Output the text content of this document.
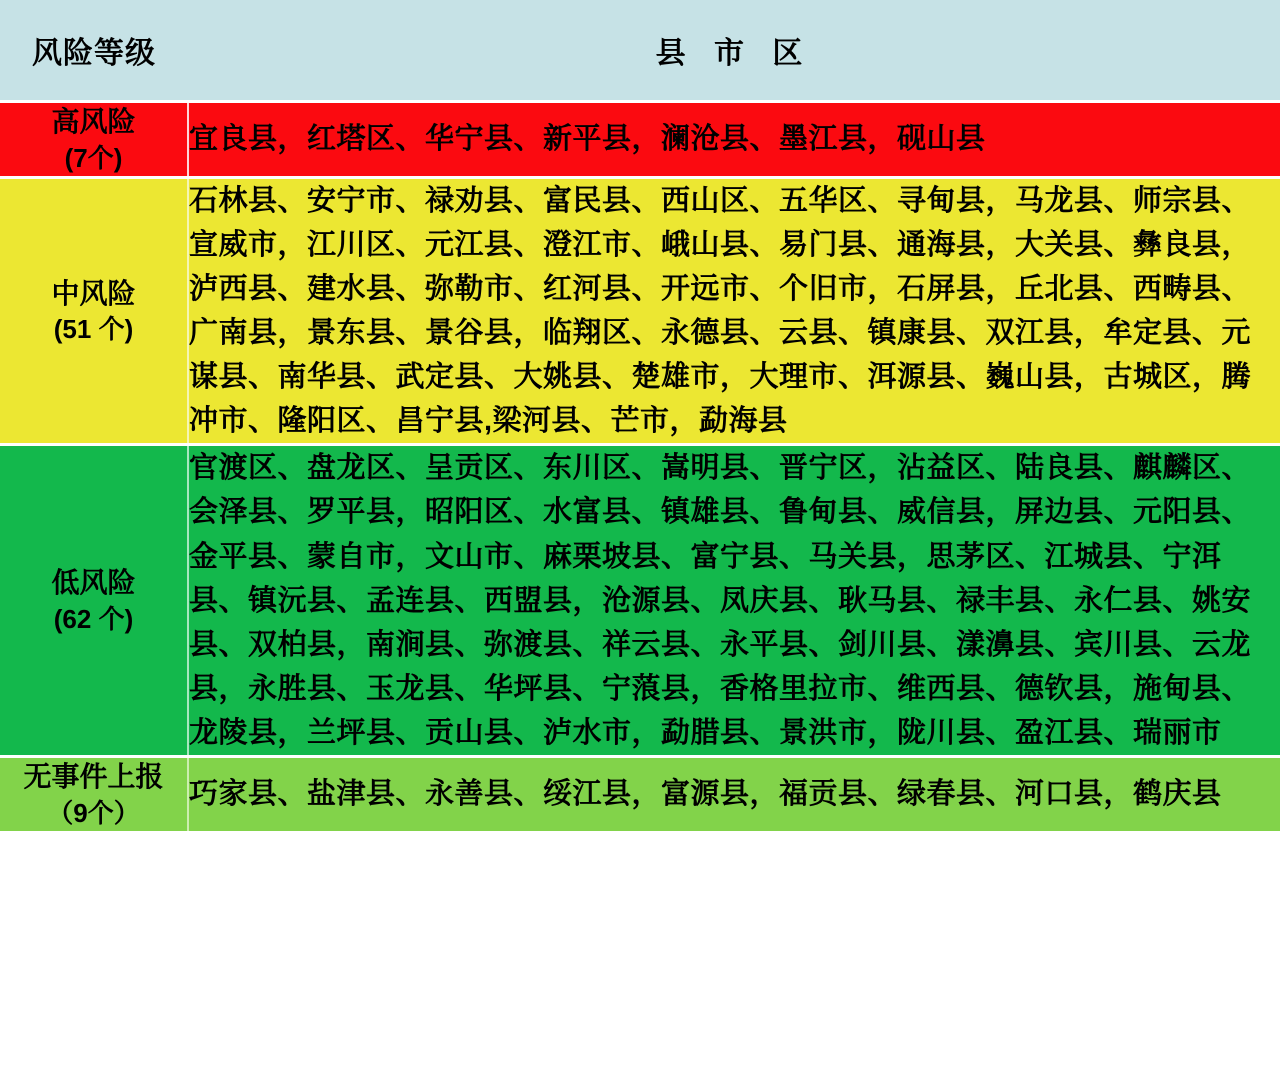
风险等级	县 市 区

高风险
(7个)	宜良县，红塔区、华宁县、新平县，澜沧县、墨江县，砚山县

中风险
(51 个)	石林县、安宁市、禄劝县、富民县、西山区、五华区、寻甸县，马龙县、师宗县、宣威市，江川区、元江县、澄江市、峨山县、易门县、通海县，大关县、彝良县，泸西县、建水县、弥勒市、红河县、开远市、个旧市，石屏县，丘北县、西畴县、广南县，景东县、景谷县，临翔区、永德县、云县、镇康县、双江县，牟定县、元谋县、南华县、武定县、大姚县、楚雄市，大理市、洱源县、巍山县，古城区，腾冲市、隆阳区、昌宁县,梁河县、芒市，勐海县

低风险
(62 个)	官渡区、盘龙区、呈贡区、东川区、嵩明县、晋宁区，沾益区、陆良县、麒麟区、会泽县、罗平县，昭阳区、水富县、镇雄县、鲁甸县、威信县，屏边县、元阳县、金平县、蒙自市，文山市、麻栗坡县、富宁县、马关县，思茅区、江城县、宁洱县、镇沅县、孟连县、西盟县，沧源县、凤庆县、耿马县、禄丰县、永仁县、姚安县、双柏县，南涧县、弥渡县、祥云县、永平县、剑川县、漾濞县、宾川县、云龙县，永胜县、玉龙县、华坪县、宁蒗县，香格里拉市、维西县、德钦县，施甸县、龙陵县，兰坪县、贡山县、泸水市，勐腊县、景洪市，陇川县、盈江县、瑞丽市

无事件上报
（9个）	巧家县、盐津县、永善县、绥江县，富源县，福贡县、绿春县、河口县，鹤庆县
